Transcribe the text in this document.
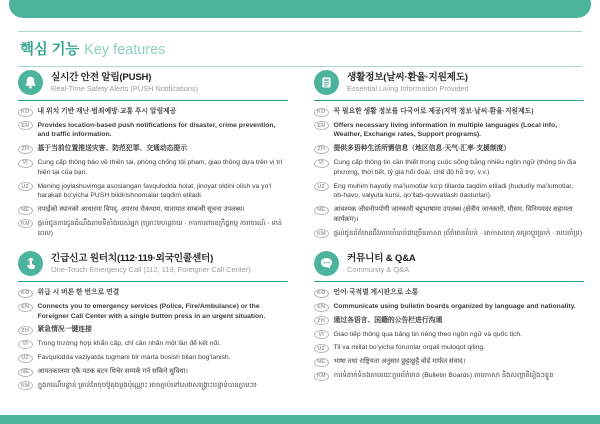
핵심 기능 Key features
실시간 안전 알림(PUSH)
Real-Time Safety Alerts (PUSH Notifications)
KO	내 위치 기반 재난·범죄예방·교통 푸시 알림제공
EN	Provides location-based push notifications for disaster, crime prevention, and traffic information.
ZH	基于当前位置推送灾害、防范犯罪、交通动态提示
VI	Cung cấp thông báo về thiên tai, phòng chống tội phạm, giao thông dựa trên vị trí hiện tại của bạn.
UZ	Mening joylashuvimga asoslangan favqulodda holat, jinoyat oldini olish va yo‘l harakati bo‘yicha PUSH bildirishnomalar taqdim etiladi.
NE	तपाईंको स्थानको आधारमा विपद्, अपराध रोकथाम, यातायात सम्बन्धी सूचना उपलब्ध।
KM	ផ្តល់ជូនការជូនដំណឹងតាមទីតាំងរបស់អ្នក (គ្រោះមហន្តរាយ · ការការពារឧក្រិដ្ឋកម្ម /ចរាចរណ៍ · ទាន់ពេល)
생활정보(날씨·환율·지원제도)
Essential Living Information Provided
KO	꼭 필요한 생활 정보를 다국어로 제공(지역 정보·날씨·환율·지원제도)
EN	Offers necessary living information in multiple languages (Local info, Weather, Exchange rates, Support programs).
ZH	提供多语种生活所需信息（地区信息·天气·汇率·支援制度）
VI	Cung cấp thông tin cần thiết trong cuộc sống bằng nhiều ngôn ngữ (thông tin địa phương, thời tiết, tỷ giá hối đoái, chế độ hỗ trợ, v.v.)
UZ	Eng muhim hayotiy ma’lumotlar ko‘p tillarda taqdim etiladi (hududiy ma’lumotlar, ob-havo, valyuta kursi, qo‘llab-quvvatlash dasturlari).
NE	आवश्यक जीवनोपयोगी जानकारी बहुभाषामा उपलब्ध (क्षेत्रीय जानकारी, मौसम, विनिमयदर सहायता कार्यक्रम)।
KM	ផ្តល់ជូនព័ត៌មានជីវភាពចាំបាច់ជាច្រើនភាសា (ព័ត៌មានតំបន់ · អាកាសធាតុ /អត្រាប្តូរប្រាក់ · របបគាំទ្រ)
긴급신고 원터치(112·119·외국인콜센터)
One-Touch Emergency Call (112, 119, Foreigner Call Center)
KO	위급 시 버튼 한 번으로 연결
EN	Connects you to emergency services (Police, Fire/Ambulance) or the Foreigner Call Center with a single button press in an urgent situation.
ZH	紧急情况一键连接
VI	Trong trường hợp khẩn cấp, chỉ cần nhấn một lần để kết nối.
UZ	Favqulodda vaziyatda tugmani bir marta bosish bilan bog‘lanish.
NE	आपतकालमा एकै पटक बटन थिचेर सम्पर्क गर्न सकिने सुविधा।
KM	ក្នុងករណីបន្ទាន់ គ្រាន់តែចុចប៊ូតុងម្តងប៉ុណ្ណោះ អាចភ្ជាប់ទៅសេវាសង្គ្រោះបន្ទាន់បានភ្លាមៗ៖
커뮤니티 & Q&A
Community & Q&A
KO	언어·국적별 게시판으로 소통
EN	Communicate using bulletin boards organized by language and nationality.
ZH	通过各语言、国籍的公告栏进行沟通
VI	Giao tiếp thông qua bảng tin riêng theo ngôn ngữ và quốc tịch.
UZ	Til va millat bo‘yicha forumlar orqali muloqot qiling.
NE	भाषा तथा राष्ट्रियता अनुसार छुट्टाछुट्टै बोर्ड मार्फत संवाद।
KM	ការទំនាក់ទំនងតាមរយៈក្តារព័ត៌មាន (Bulletin Boards) តាមភាសា និងសញ្ជាតិរៀងៗខ្លួន
